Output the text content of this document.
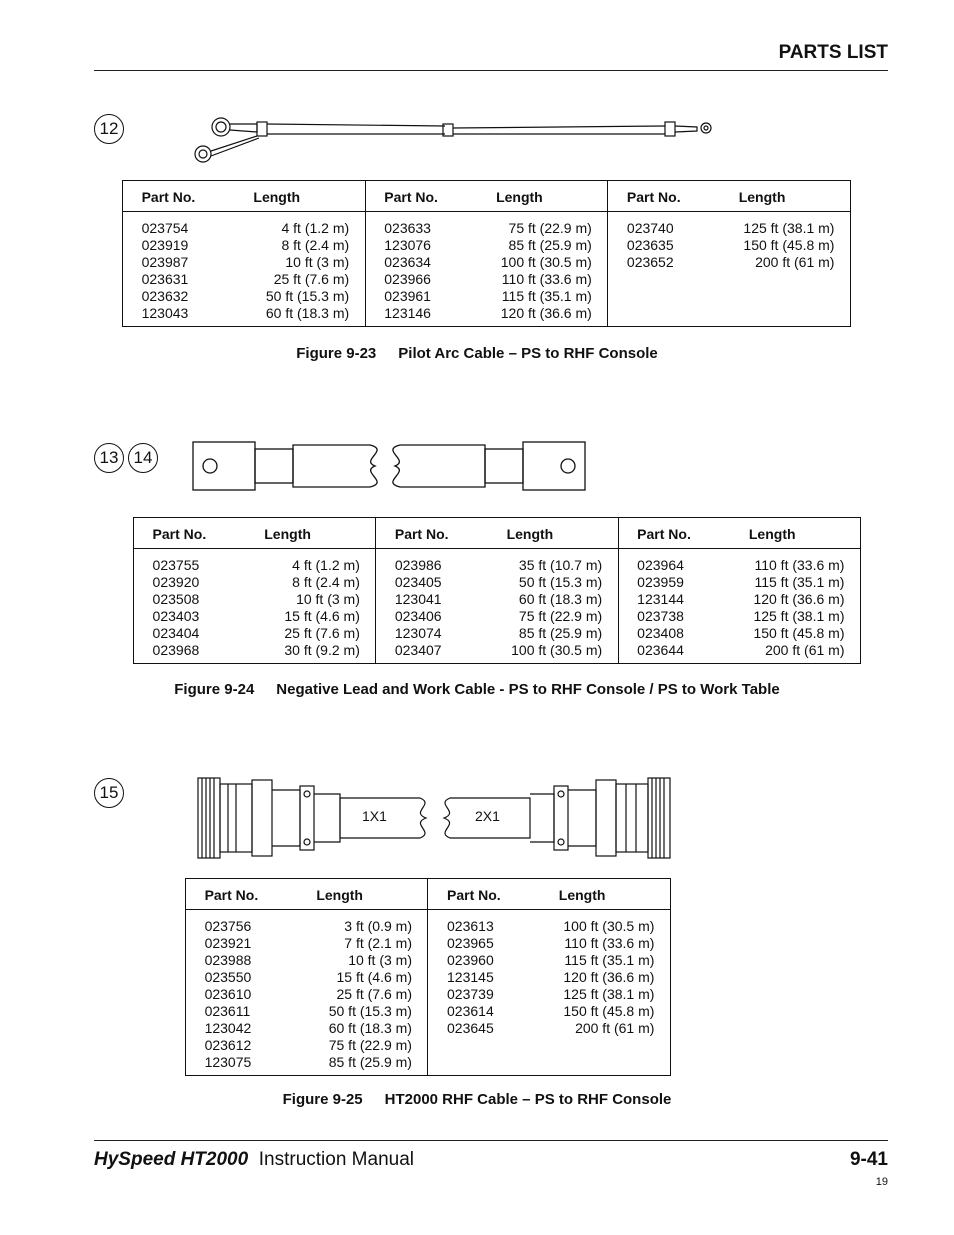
PARTS LIST
12
	Part No.	Length			Part No.	Length			Part No.	Length	
	023754	4 ft (1.2 m)			023633	75 ft (22.9 m)			023740	125 ft (38.1 m)	
	023919	8 ft (2.4 m)			123076	85 ft (25.9 m)			023635	150 ft (45.8 m)	
	023987	10 ft (3 m)			023634	100 ft (30.5 m)			023652	200 ft (61 m)	
	023631	25 ft (7.6 m)			023966	110 ft (33.6 m)					
	023632	50 ft (15.3 m)			023961	115 ft (35.1 m)					
	123043	60 ft (18.3 m)			123146	120 ft (36.6 m)					
Figure 9-23 Pilot Arc Cable – PS to RHF Console
13 14
	Part No.	Length			Part No.	Length			Part No.	Length	
	023755	4 ft (1.2 m)			023986	35 ft (10.7 m)			023964	110 ft (33.6 m)	
	023920	8 ft (2.4 m)			023405	50 ft (15.3 m)			023959	115 ft (35.1 m)	
	023508	10 ft (3 m)			123041	60 ft (18.3 m)			123144	120 ft (36.6 m)	
	023403	15 ft (4.6 m)			023406	75 ft (22.9 m)			023738	125 ft (38.1 m)	
	023404	25 ft (7.6 m)			123074	85 ft (25.9 m)			023408	150 ft (45.8 m)	
	023968	30 ft (9.2 m)			023407	100 ft (30.5 m)			023644	200 ft (61 m)	
Figure 9-24 Negative Lead and Work Cable - PS to RHF Console / PS to Work Table
15
1X1	2X1
	Part No.	Length			Part No.	Length	
	023756	3 ft (0.9 m)			023613	100 ft (30.5 m)	
	023921	7 ft (2.1 m)			023965	110 ft (33.6 m)	
	023988	10 ft (3 m)			023960	115 ft (35.1 m)	
	023550	15 ft (4.6 m)			123145	120 ft (36.6 m)	
	023610	25 ft (7.6 m)			023739	125 ft (38.1 m)	
	023611	50 ft (15.3 m)			023614	150 ft (45.8 m)	
	123042	60 ft (18.3 m)			023645	200 ft (61 m)	
	023612	75 ft (22.9 m)					
	123075	85 ft (25.9 m)					
Figure 9-25 HT2000 RHF Cable – PS to RHF Console
HySpeed HT2000 Instruction Manual	9-41
19
